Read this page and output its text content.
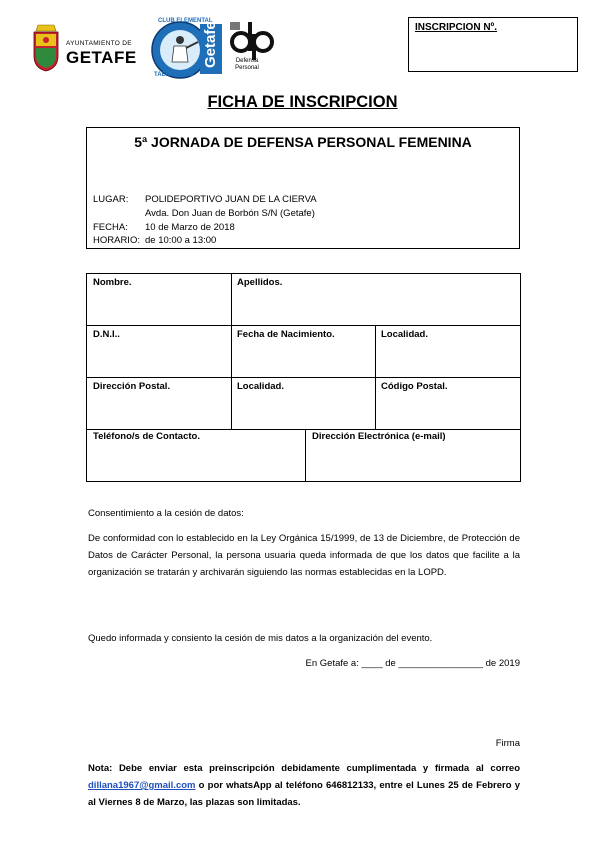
AYUNTAMIENTO DE
GETAFE
CLUB ELEMENTAL
Getafe
TAEKWONDO
Defensa
Personal
INSCRIPCION Nº.
FICHA DE INSCRIPCION
5ª JORNADA DE DEFENSA PERSONAL FEMENINA
LUGAR: POLIDEPORTIVO JUAN DE LA CIERVA
Avda. Don Juan de Borbón S/N (Getafe)
FECHA: 10 de Marzo de 2018
HORARIO: de 10:00 a 13:00
Nombre.	Apellidos.
D.N.I..	Fecha de Nacimiento.	Localidad.
Dirección Postal.	Localidad.	Código Postal.
Teléfono/s de Contacto.	Dirección Electrónica (e-mail)
Consentimiento a la cesión de datos:
De conformidad con lo establecido en la Ley Orgánica 15/1999, de 13 de Diciembre, de Protección de Datos de Carácter Personal, la persona usuaria queda informada de que los datos que facilite a la organización se tratarán y archivarán siguiendo las normas establecidas en la LOPD.
Quedo informada y consiento la cesión de mis datos a la organización del evento.
En Getafe a: ____ de ________________ de 2019
Firma
Nota: Debe enviar esta preinscripción debidamente cumplimentada y firmada al correo dillana1967@gmail.com o por whatsApp al teléfono 646812133, entre el Lunes 25 de Febrero y al Viernes 8 de Marzo, las plazas son limitadas.
